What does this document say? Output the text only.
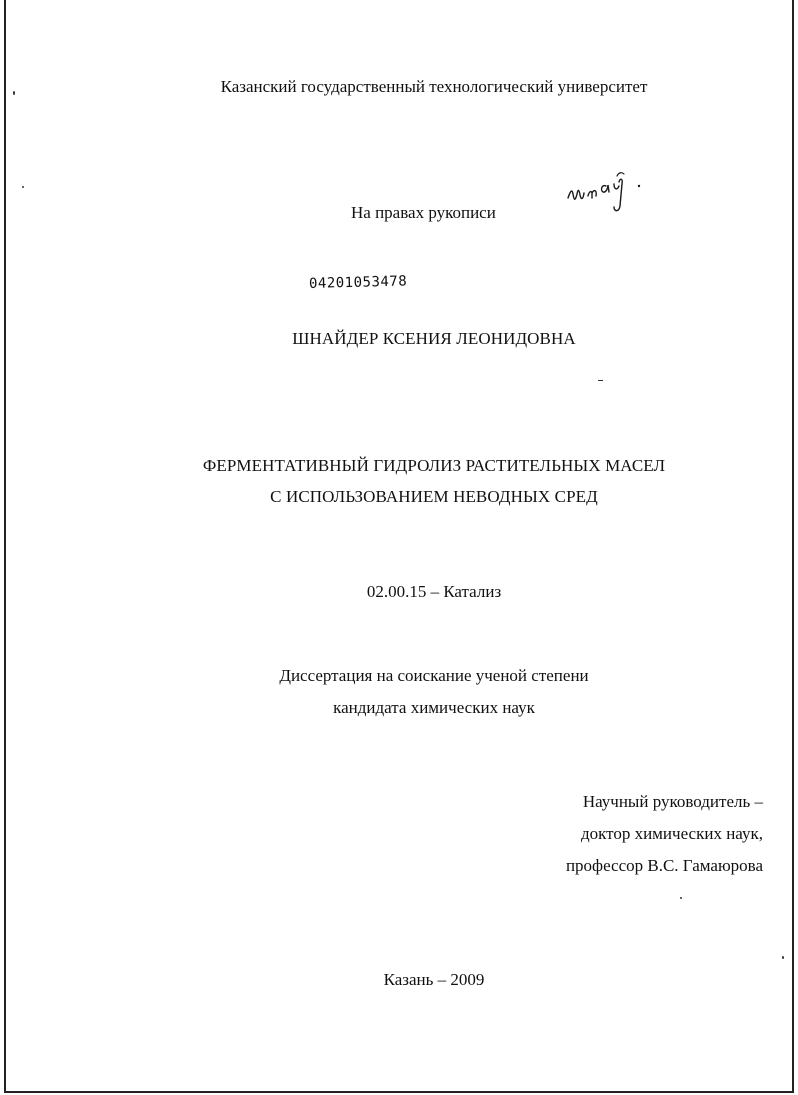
Казанский государственный технологический университет
На правах рукописи
04201053478
ШНАЙДЕР КСЕНИЯ ЛЕОНИДОВНА
ФЕРМЕНТАТИВНЫЙ ГИДРОЛИЗ РАСТИТЕЛЬНЫХ МАСЕЛ
С ИСПОЛЬЗОВАНИЕМ НЕВОДНЫХ СРЕД
02.00.15 – Катализ
Диссертация на соискание ученой степени
кандидата химических наук
Научный руководитель –
доктор химических наук,
профессор В.С. Гамаюрова
Казань – 2009
